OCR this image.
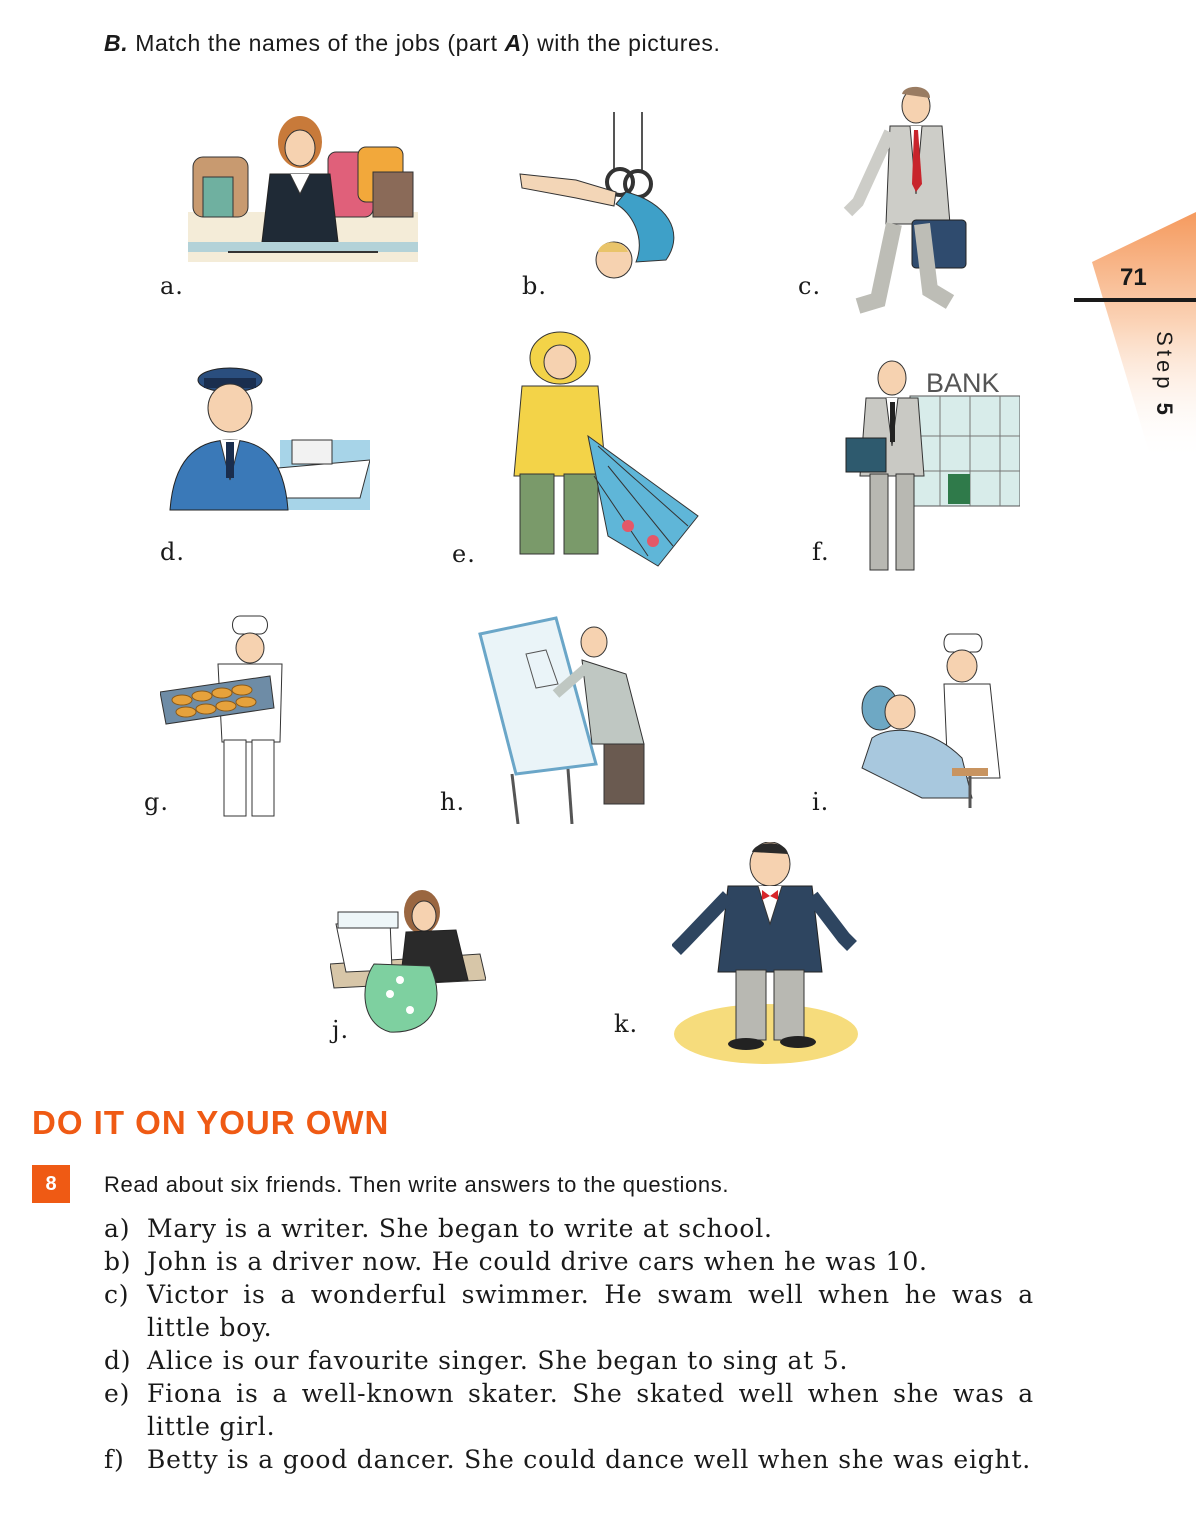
B. Match the names of the jobs (part A) with the pictures.
a.	b.	c.
d.	e.
BANK
f.
g.	h.	i.
j.	k.
71
Step 5
DO IT ON YOUR OWN
8	Read about six friends. Then write answers to the questions.
a) Mary is a writer. She began to write at school.
b) John is a driver now. He could drive cars when he was 10.
c) Victor is a wonderful swimmer. He swam well when he was a little boy.
d) Alice is our favourite singer. She began to sing at 5.
e) Fiona is a well-known skater. She skated well when she was a little girl.
f) Betty is a good dancer. She could dance well when she was eight.
